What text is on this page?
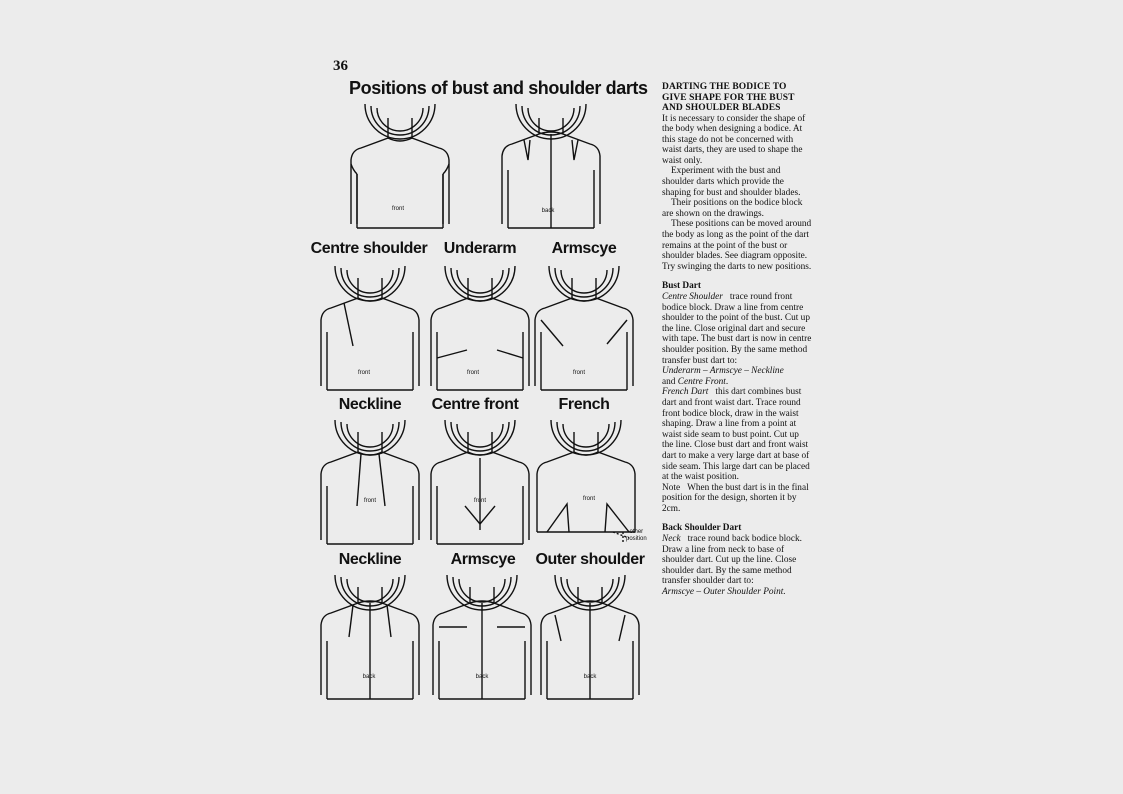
36
Positions of bust and shoulder darts
Centre shoulder Underarm Armscye
Neckline Centre front	French
Neckline	Armscye Outer shoulder
front	back
front	front	front
front	front	front
other
position
back	back	back

DARTING THE BODICE TO

GIVE SHAPE FOR THE BUST

AND SHOULDER BLADES

It is necessary to consider the shape of the body when designing a bodice. At this stage do not be concerned with waist darts, they are used to shape the waist only.

Experiment with the bust and shoulder darts which provide the shaping for bust and shoulder blades.

Their positions on the bodice block are shown on the drawings.

These positions can be moved around the body as long as the point of the dart remains at the point of the bust or shoulder blades. See diagram opposite. Try swinging the darts to new positions.

Bust Dart

Centre Shoulder trace round front bodice block. Draw a line from centre shoulder to the point of the bust. Cut up the line. Close original dart and secure with tape. The bust dart is now in centre shoulder position. By the same method transfer bust dart to:

Underarm – Armscye – Neckline

and Centre Front.

French Dart this dart combines bust dart and front waist dart. Trace round front bodice block, draw in the waist shaping. Draw a line from a point at waist side seam to bust point. Cut up the line. Close bust dart and front waist dart to make a very large dart at base of side seam. This large dart can be placed at the waist position.

Note When the bust dart is in the final position for the design, shorten it by 2cm.

Back Shoulder Dart

Neck trace round back bodice block. Draw a line from neck to base of shoulder dart. Cut up the line. Close shoulder dart. By the same method transfer shoulder dart to:

Armscye – Outer Shoulder Point.
